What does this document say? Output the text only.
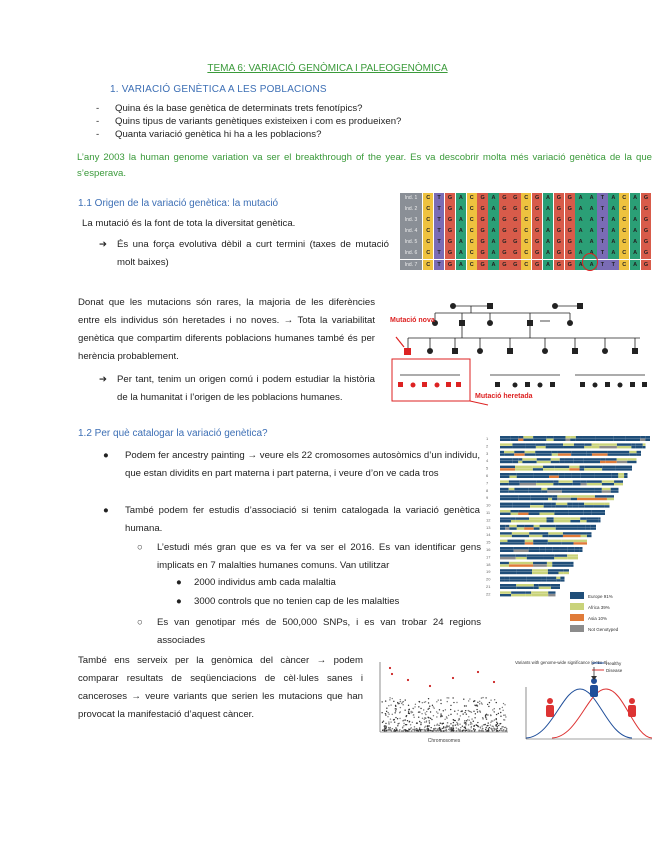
TEMA 6: VARIACIÓ GENÒMICA I PALEOGENÒMICA
1. VARIACIÓ GENÈTICA A LES POBLACIONS
- Quina és la base genètica de determinats trets fenotípics?
- Quins tipus de variants genètiques existeixen i com es produeixen?
- Quanta variació genètica hi ha a les poblacions?
L’any 2003 la human genome variation va ser el breakthrough of the year. Es va descobrir molta més variació genètica de la que s’esperava.
1.1 Origen de la variació genètica: la mutació
La mutació és la font de tota la diversitat genètica.
➔	És una força evolutiva dèbil a curt termini (taxes de mutació molt baixes)
Ind. 1	C	T	G	A	C	G	A	G	G	C	G	A	G	G	A	A	T	A	C	A	G
Ind. 2	C	T	G	A	C	G	A	G	G	C	G	A	G	G	A	A	T	A	C	A	G
Ind. 3	C	T	G	A	C	G	A	G	G	C	G	A	G	G	A	A	T	A	C	A	G
Ind. 4	C	T	G	A	C	G	A	G	G	C	G	A	G	G	A	A	T	A	C	A	G
Ind. 5	C	T	G	A	C	G	A	G	G	C	G	A	G	G	A	A	T	A	C	A	G
Ind. 6	C	T	G	A	C	G	A	G	G	C	G	A	G	G	A	A	T	A	C	A	G
Ind. 7	C	T	G	A	C	G	A	G	G	C	G	A	G	G	A	A	T	T	C	A	G
Donat que les mutacions són rares, la majoria de les diferències entre els individus són heretades i no noves. → Tota la variabilitat genètica que compartim diferents poblacions humanes també és per herència probablement.
➔	Per tant, tenim un origen comú i podem estudiar la història de la humanitat i l’origen de les poblacions humanes.
Mutació nova
Mutació heretada
1.2 Per què catalogar la variació genètica?
●	Podem fer ancestry painting → veure els 22 cromosomes autosòmics d’un individu, que estan dividits en part materna i part paterna, i veure d’on ve cada tros
●	També podem fer estudis d’associació si tenim catalogada la variació genètica humana.
○	L’estudi més gran que es va fer va ser el 2016. Es van identificar gens implicats en 7 malalties humanes comuns. Van utilitzar
●	2000 individus amb cada malaltia
●	3000 controls que no tenien cap de les malalties
○	Es van genotipar més de 500,000 SNPs, i es van trobar 24 regions associades
També ens serveix per la genòmica del càncer → podem comparar resultats de seqüenciacions de cèl·lules sanes i canceroses → veure variants que serien les mutacions que han provocat la manifestació d’aquest càncer.
1
2
3
4
5
6
7
8
9
10
11
12
13
14
15
16
17
18
19
20
21
22
Europe 91%
Africa 39%
Asia 10%
Not Genotyped
Chromosomes
Variants with genome-wide significance (p<5e-8)
Healthy
Disease
